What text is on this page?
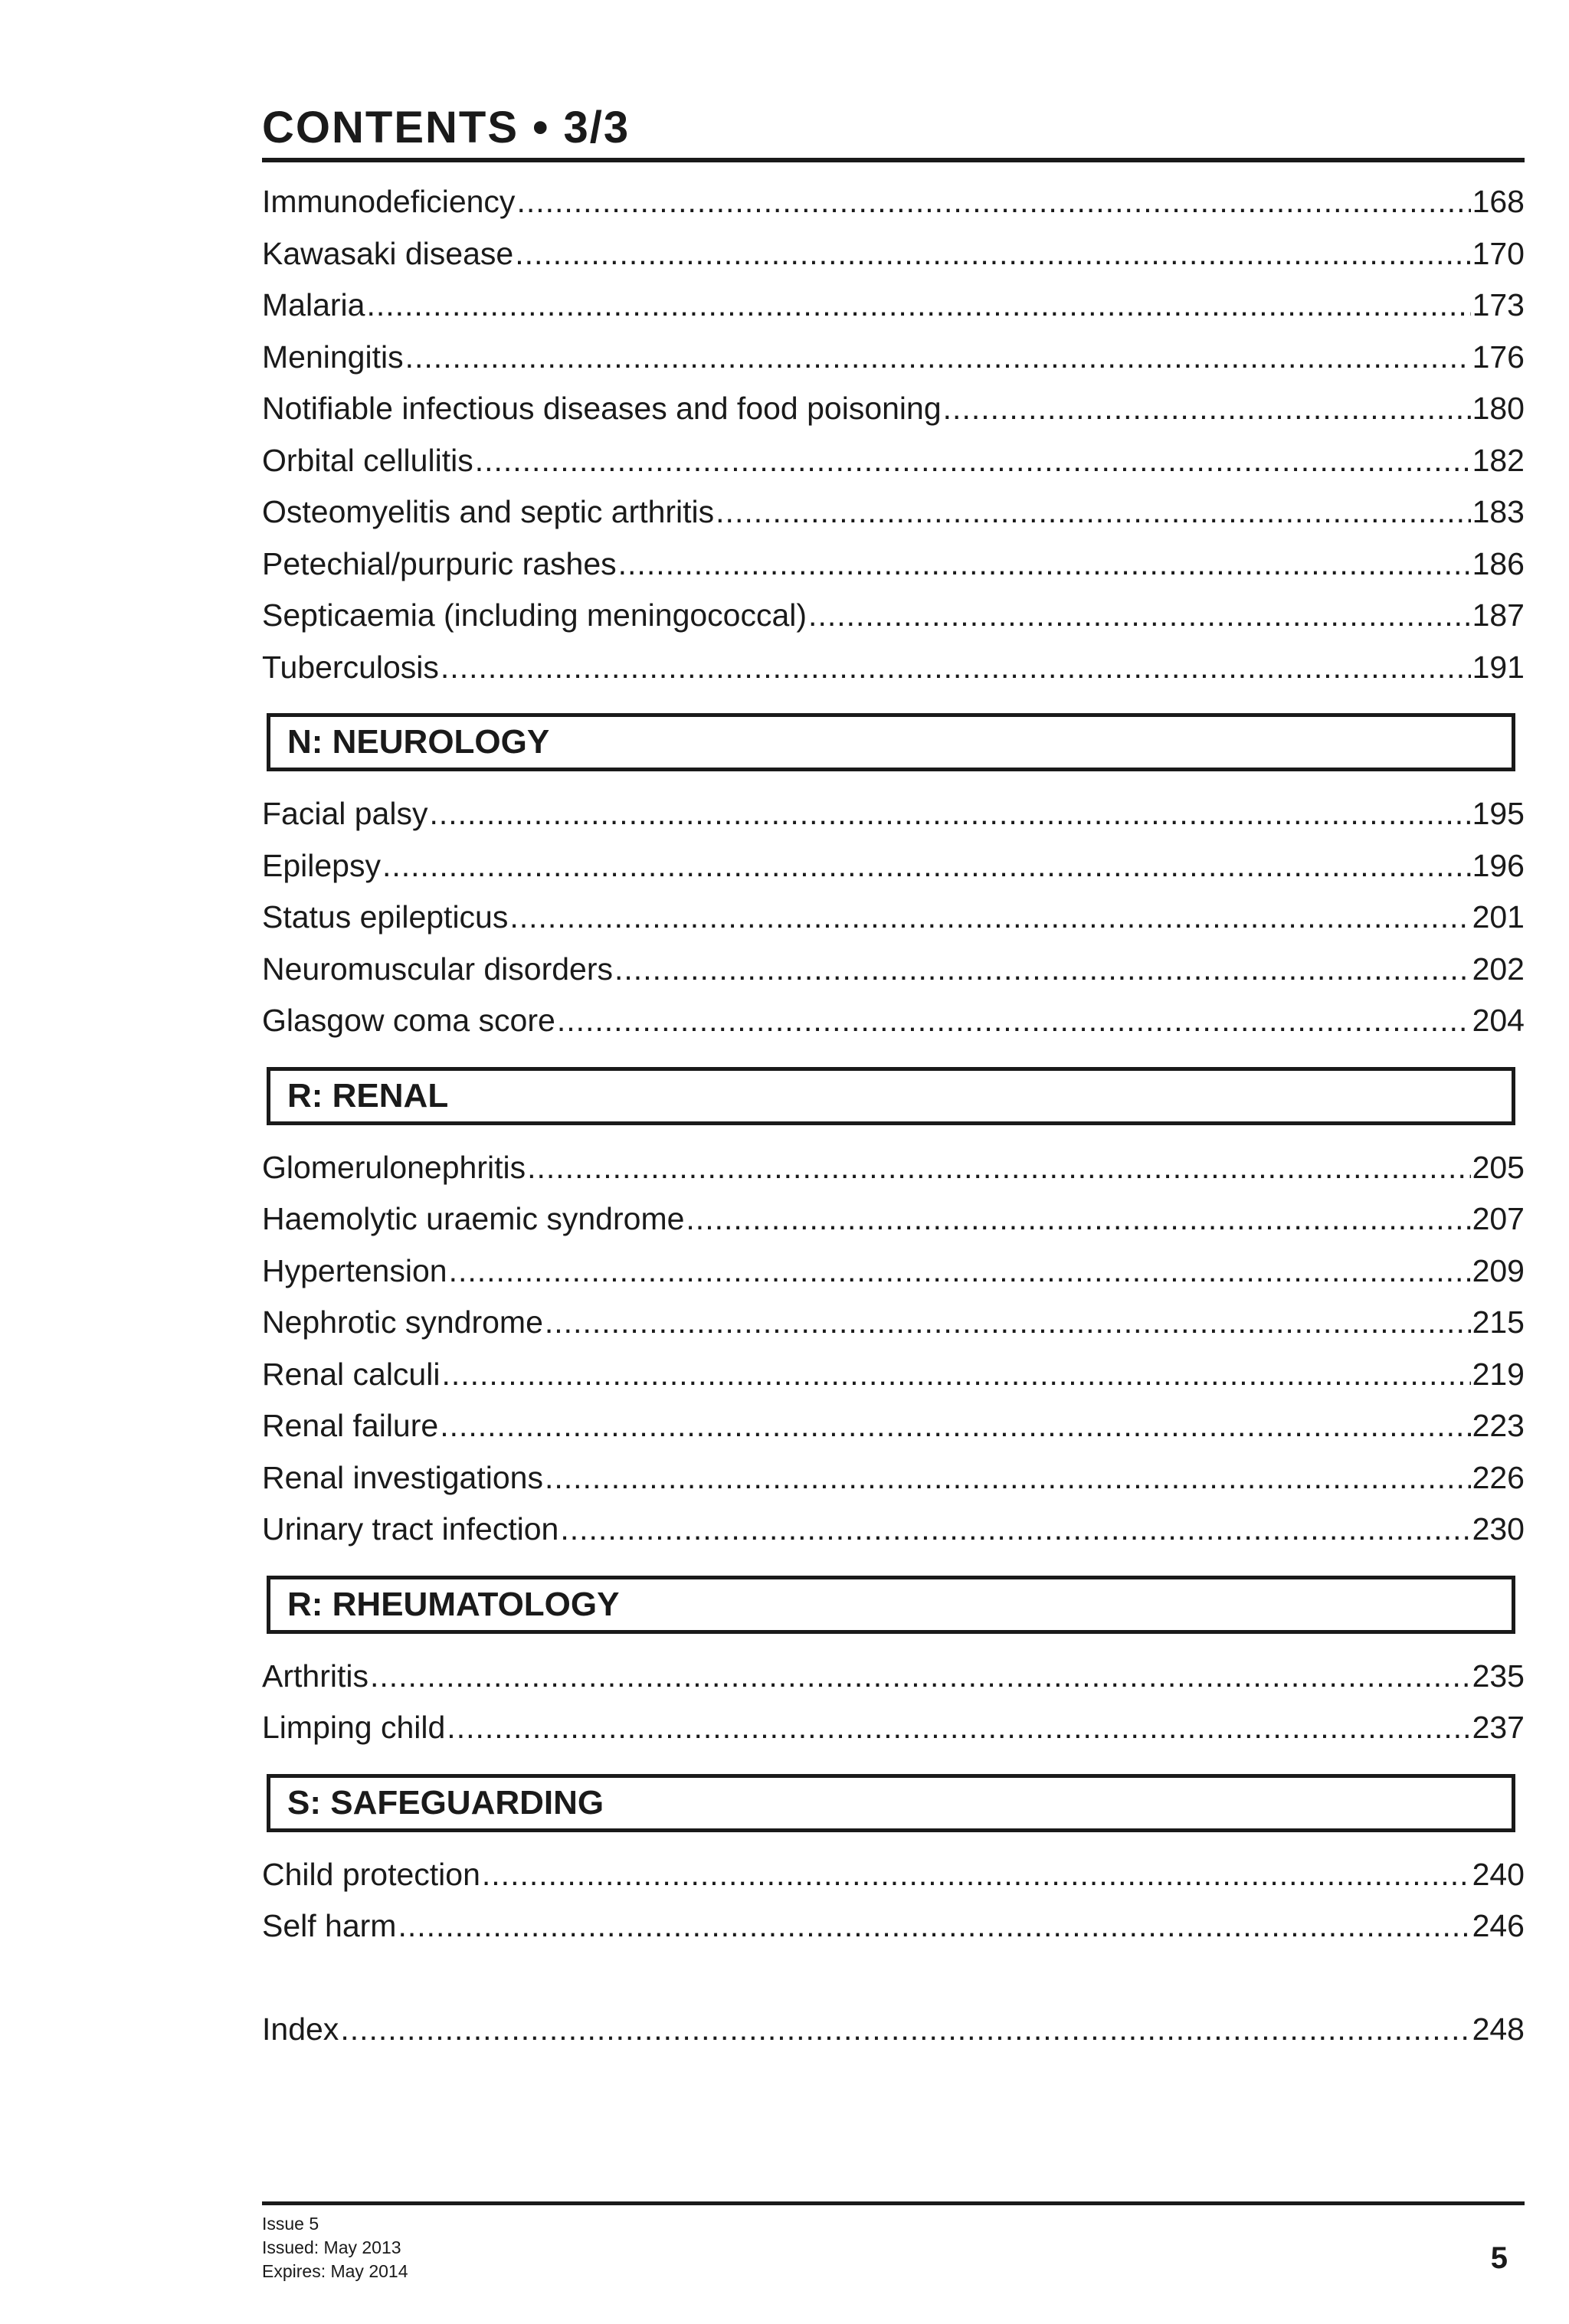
CONTENTS • 3/3
Immunodeficiency .....	168
Kawasaki disease .....	170
Malaria .....	173
Meningitis .....	176
Notifiable infectious diseases and food poisoning .....	180
Orbital cellulitis .....	182
Osteomyelitis and septic arthritis .....	183
Petechial/purpuric rashes .....	186
Septicaemia (including meningococcal) .....	187
Tuberculosis .....	191
N: NEUROLOGY
Facial palsy .....	195
Epilepsy .....	196
Status epilepticus .....	201
Neuromuscular disorders .....	202
Glasgow coma score .....	204
R: RENAL
Glomerulonephritis .....	205
Haemolytic uraemic syndrome .....	207
Hypertension .....	209
Nephrotic syndrome .....	215
Renal calculi .....	219
Renal failure .....	223
Renal investigations .....	226
Urinary tract infection .....	230
R: RHEUMATOLOGY
Arthritis .....	235
Limping child .....	237
S: SAFEGUARDING
Child protection .....	240
Self harm .....	246
Index .....	248
Issue 5
Issued: May 2013
Expires: May 2014	5
